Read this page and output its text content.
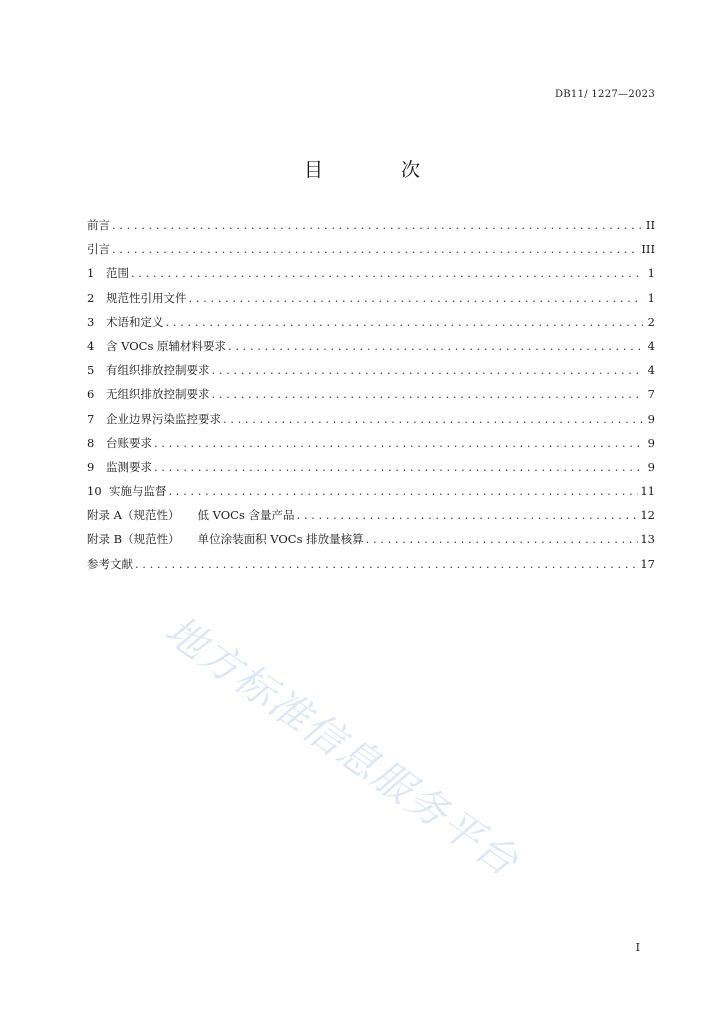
DB11/ 1227—2023
目 次
前言 . . .	II
引言 . . .	III
1 范围 . . .	1
2 规范性引用文件 . . .	1
3 术语和定义 . . .	2
4 含 VOCs 原辅材料要求 . . .	4
5 有组织排放控制要求 . . .	4
6 无组织排放控制要求 . . .	7
7 企业边界污染监控要求 . . .	9
8 台账要求 . . .	9
9 监测要求 . . .	9
10 实施与监督 . . .	11
附录 A（规范性） 低 VOCs 含量产品 . . .	12
附录 B（规范性） 单位涂装面积 VOCs 排放量核算 . . .	13
参考文献 . . .	17
地方标准信息服务平台
I
